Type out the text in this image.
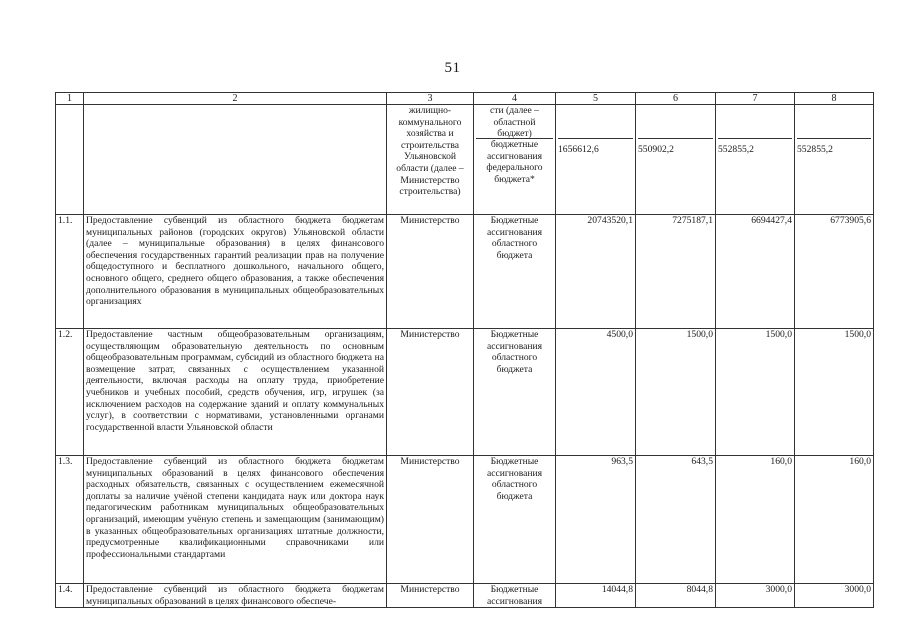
51
1	2	3	4	5	6	7	8
		жилищно-коммунального хозяйства и строительства Ульяновской области (далее – Министерство строительства)	сти (далее – областной бюджет)
бюджетные ассигнования федерального бюджета*	1656612,6	550902,2	552855,2	552855,2

1.1.	Предоставление субвенций из областного бюджета бюджетам муниципальных районов (городских округов) Ульяновской области (далее – муниципальные образования) в целях финансового обеспечения государственных гарантий реализации прав на получение общедоступного и бесплатного дошкольного, начального общего, основного общего, среднего общего образования, а также обеспечения дополнительного образования в муниципальных общеобразовательных организациях	Министерство	Бюджетные ассигнования областного бюджета	20743520,1	7275187,1	6694427,4	6773905,6
1.2.	Предоставление частным общеобразовательным организациям, осуществляющим образовательную деятельность по основным общеобразовательным программам, субсидий из областного бюджета на возмещение затрат, связанных с осуществлением указанной деятельности, включая расходы на оплату труда, приобретение учебников и учебных пособий, средств обучения, игр, игрушек (за исключением расходов на содержание зданий и оплату коммунальных услуг), в соответствии с нормативами, установленными органами государственной власти Ульяновской области	Министерство	Бюджетные ассигнования областного бюджета	4500,0	1500,0	1500,0	1500,0
1.3.	Предоставление субвенций из областного бюджета бюджетам муниципальных образований в целях финансового обеспечения расходных обязательств, связанных с осуществлением ежемесячной доплаты за наличие учёной степени кандидата наук или доктора наук педагогическим работникам муниципальных общеобразовательных организаций, имеющим учёную степень и замещающим (занимающим) в указанных общеобразовательных организациях штатные должности, предусмотренные квалификационными справочниками или профессиональными стандартами	Министерство	Бюджетные ассигнования областного бюджета	963,5	643,5	160,0	160,0
1.4.	Предоставление субвенций из областного бюджета бюджетам муниципальных образований в целях финансового обеспече-	Министерство	Бюджетные ассигнования	14044,8	8044,8	3000,0	3000,0
